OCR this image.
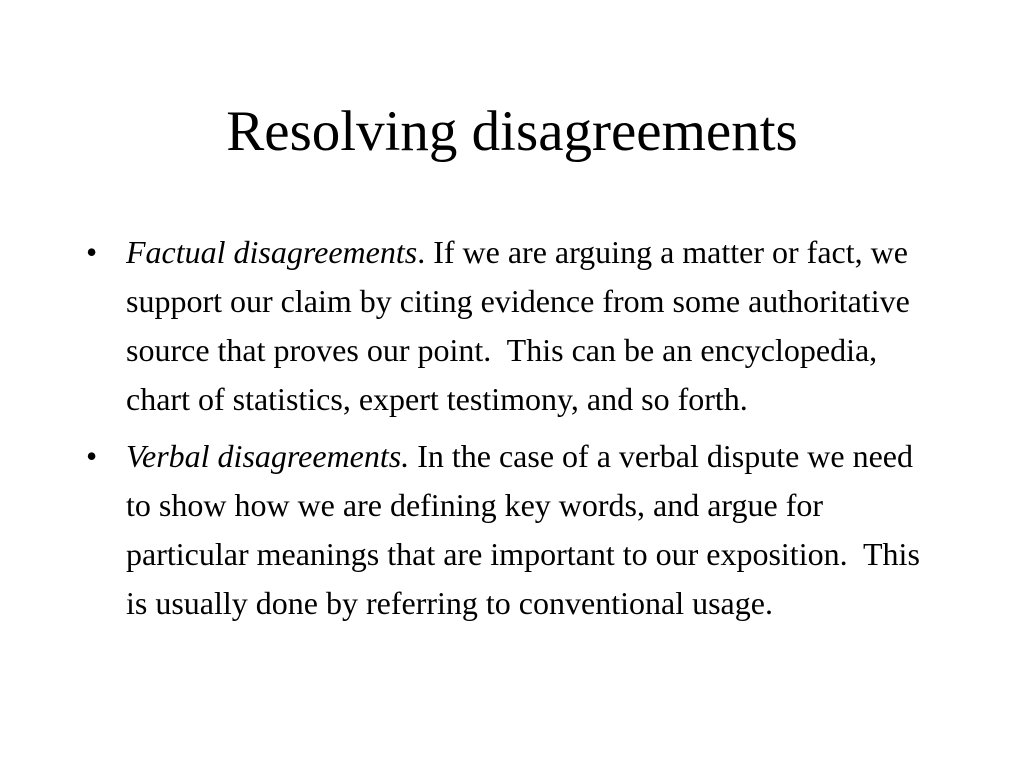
Resolving disagreements
• Factual disagreements. If we are arguing a matter or fact, we support our claim by citing evidence from some authoritative source that proves our point.  This can be an encyclopedia, chart of statistics, expert testimony, and so forth.
• Verbal disagreements. In the case of a verbal dispute we need to show how we are defining key words, and argue for particular meanings that are important to our exposition.  This is usually done by referring to conventional usage.
